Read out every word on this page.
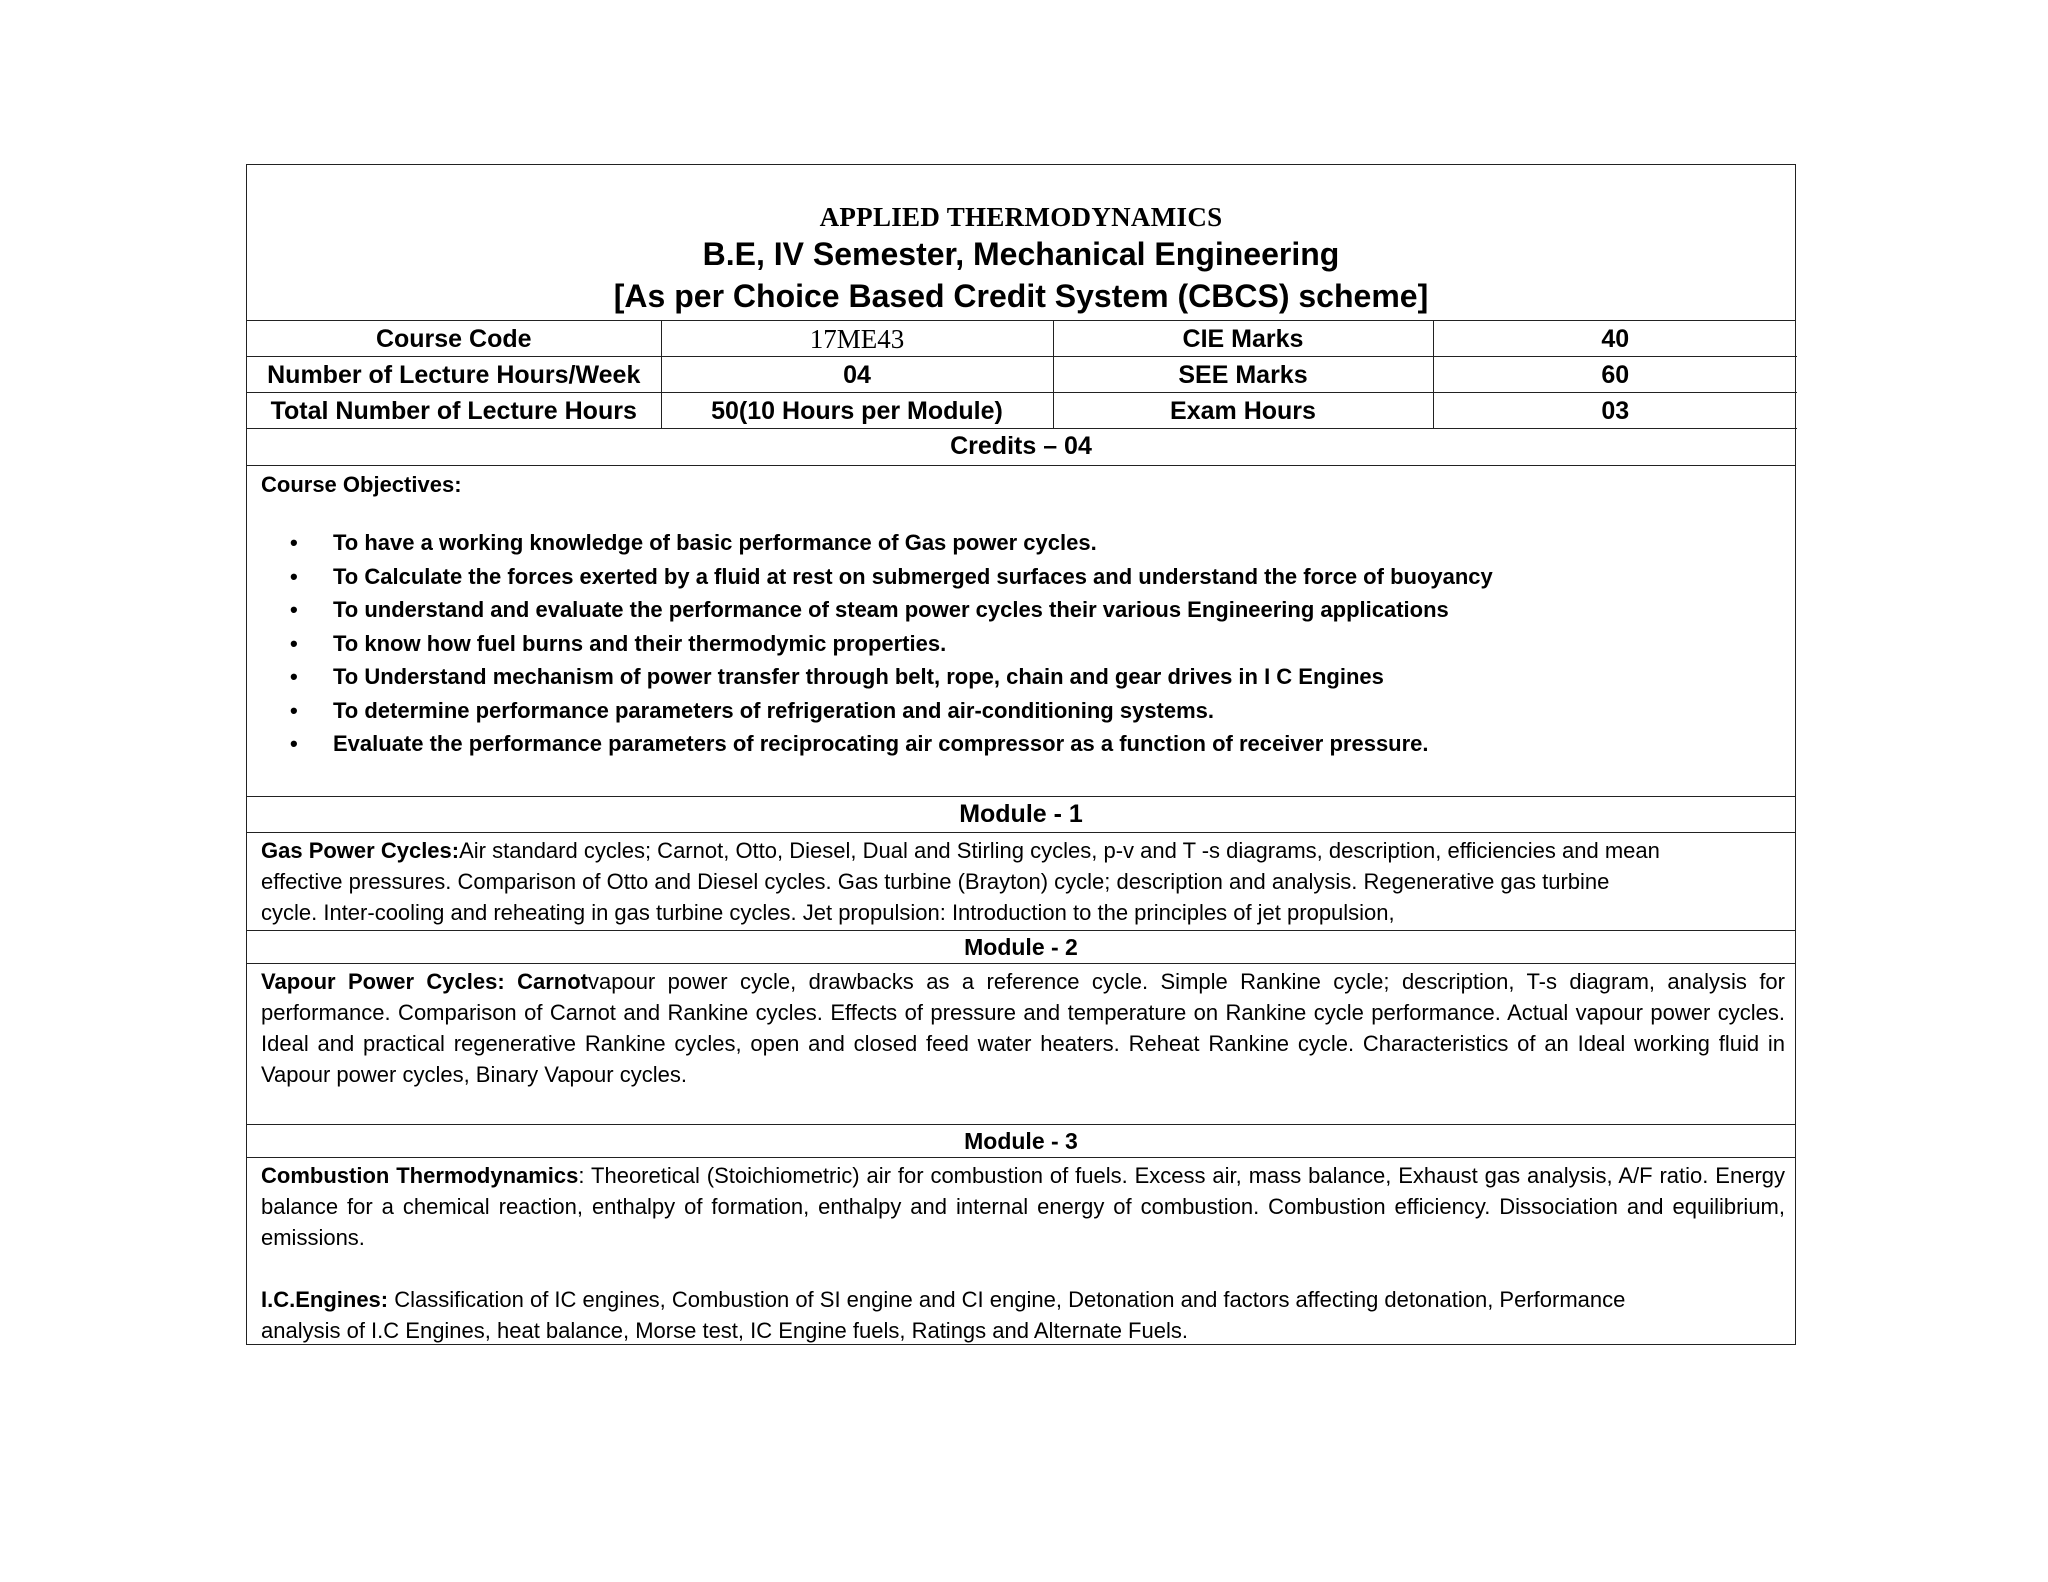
APPLIED THERMODYNAMICS
B.E, IV Semester, Mechanical Engineering
[As per Choice Based Credit System (CBCS) scheme]
Course Code	17ME43	CIE Marks	40
Number of Lecture Hours/Week	04	SEE Marks	60
Total Number of Lecture Hours	50(10 Hours per Module)	Exam Hours	03
Credits – 04
Course Objectives:
• To have a working knowledge of basic performance of Gas power cycles.
• To Calculate the forces exerted by a fluid at rest on submerged surfaces and understand the force of buoyancy
• To understand and evaluate the performance of steam power cycles their various Engineering applications
• To know how fuel burns and their thermodymic properties.
• To Understand mechanism of power transfer through belt, rope, chain and gear drives in I C Engines
• To determine performance parameters of refrigeration and air-conditioning systems.
• Evaluate the performance parameters of reciprocating air compressor as a function of receiver pressure.
Module - 1
Gas Power Cycles:Air standard cycles; Carnot, Otto, Diesel, Dual and Stirling cycles, p-v and T -s diagrams, description, efficiencies and mean
effective pressures. Comparison of Otto and Diesel cycles. Gas turbine (Brayton) cycle; description and analysis. Regenerative gas turbine
cycle. Inter-cooling and reheating in gas turbine cycles. Jet propulsion: Introduction to the principles of jet propulsion,
Module - 2
Vapour Power Cycles: Carnotvapour power cycle, drawbacks as a reference cycle. Simple Rankine cycle; description, T-s diagram, analysis for performance. Comparison of Carnot and Rankine cycles. Effects of pressure and temperature on Rankine cycle performance. Actual vapour power cycles. Ideal and practical regenerative Rankine cycles, open and closed feed water heaters. Reheat Rankine cycle. Characteristics of an Ideal working fluid in Vapour power cycles, Binary Vapour cycles.
Module - 3
Combustion Thermodynamics: Theoretical (Stoichiometric) air for combustion of fuels. Excess air, mass balance, Exhaust gas analysis, A/F ratio. Energy balance for a chemical reaction, enthalpy of formation, enthalpy and internal energy of combustion. Combustion efficiency. Dissociation and equilibrium, emissions.
I.C.Engines: Classification of IC engines, Combustion of SI engine and CI engine, Detonation and factors affecting detonation, Performance
analysis of I.C Engines, heat balance, Morse test, IC Engine fuels, Ratings and Alternate Fuels.
